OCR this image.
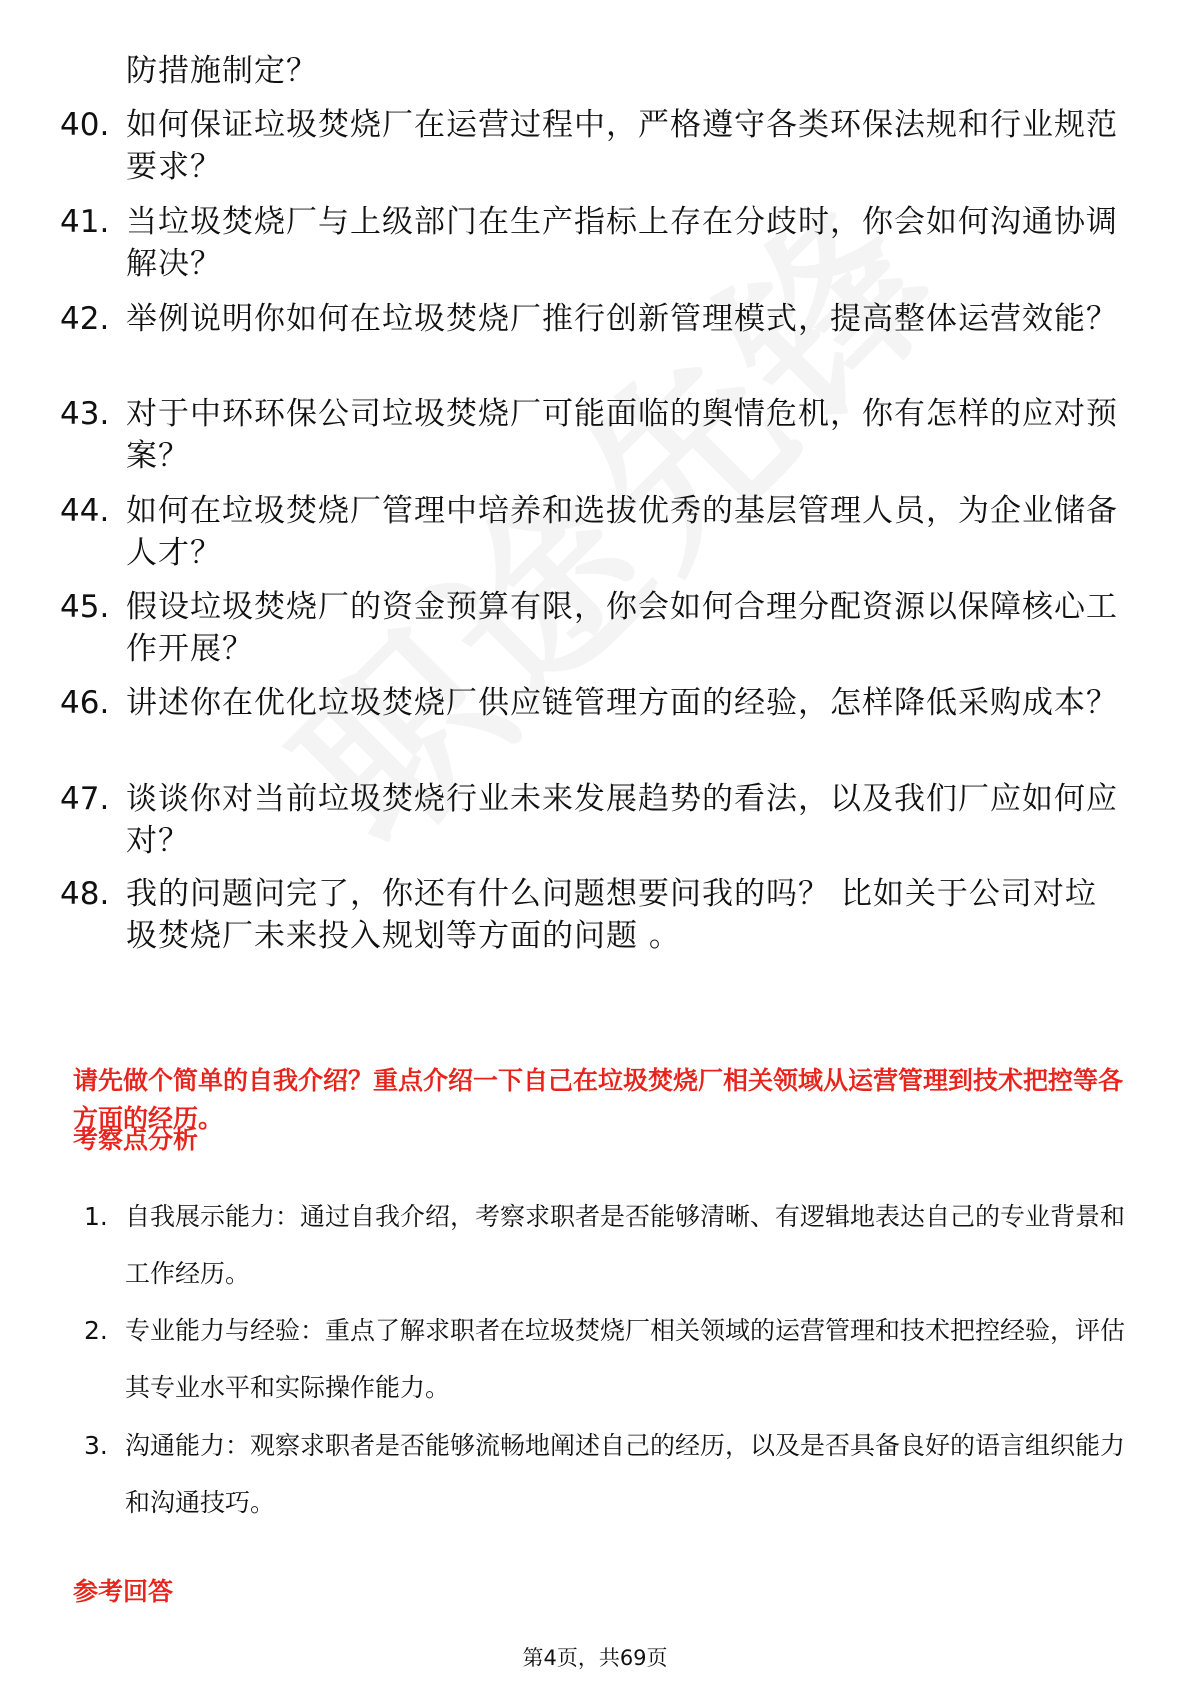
防措施制定？
40. 如何保证垃圾焚烧厂在运营过程中，严格遵守各类环保法规和行业规范要求？
41. 当垃圾焚烧厂与上级部门在生产指标上存在分歧时，你会如何沟通协调解决？
42. 举例说明你如何在垃圾焚烧厂推行创新管理模式，提高整体运营效能？
43. 对于中环环保公司垃圾焚烧厂可能面临的舆情危机，你有怎样的应对预案？
44. 如何在垃圾焚烧厂管理中培养和选拔优秀的基层管理人员，为企业储备人才？
45. 假设垃圾焚烧厂的资金预算有限，你会如何合理分配资源以保障核心工作开展？
46. 讲述你在优化垃圾焚烧厂供应链管理方面的经验，怎样降低采购成本？
47. 谈谈你对当前垃圾焚烧行业未来发展趋势的看法，以及我们厂应如何应对？
48. 我的问题问完了，你还有什么问题想要问我的吗？ 比如关于公司对垃圾焚烧厂未来投入规划等方面的问题 。
请先做个简单的自我介绍？重点介绍一下自己在垃圾焚烧厂相关领域从运营管理到技术把控等各方面的经历。
考察点分析
1. 自我展示能力：通过自我介绍，考察求职者是否能够清晰、有逻辑地表达自己的专业背景和工作经历。
2. 专业能力与经验：重点了解求职者在垃圾焚烧厂相关领域的运营管理和技术把控经验，评估其专业水平和实际操作能力。
3. 沟通能力：观察求职者是否能够流畅地阐述自己的经历，以及是否具备良好的语言组织能力和沟通技巧。
参考回答
第4页，共69页
